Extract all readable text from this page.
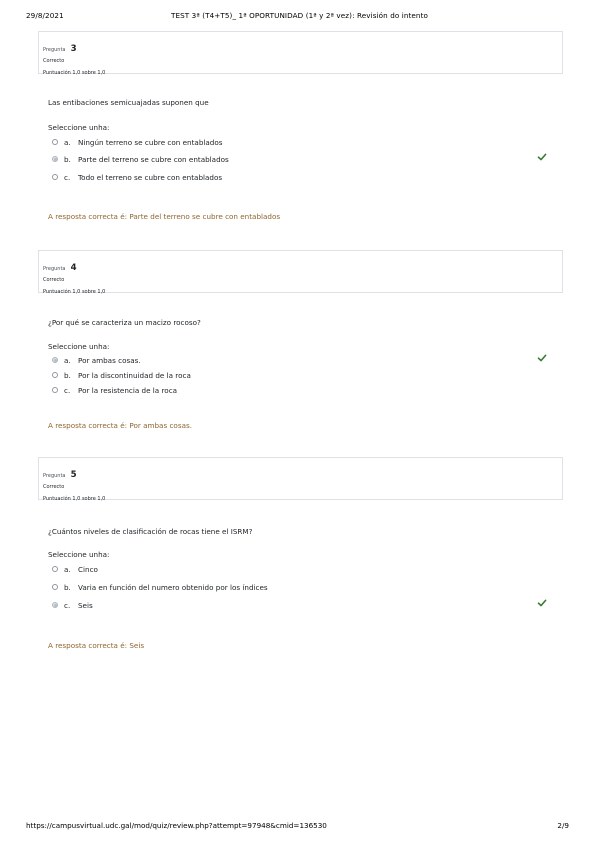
29/8/2021	TEST 3ª (T4+T5)_ 1ª OPORTUNIDAD (1ª y 2ª vez): Revisión do intento
Pregunta 3
Correcto
Puntuación 1,0 sobre 1,0
Las entibaciones semicuajadas suponen que
Seleccione unha:
a.	Ningún terreno se cubre con entablados
b. Parte del terreno se cubre con entablados
c.	Todo el terreno se cubre con entablados
A resposta correcta é: Parte del terreno se cubre con entablados
Pregunta 4
Correcto
Puntuación 1,0 sobre 1,0
¿Por qué se caracteriza un macizo rocoso?
Seleccione unha:
a.	Por ambas cosas.
b. Por la discontinuidad de la roca
c.	Por la resistencia de la roca
A resposta correcta é: Por ambas cosas.
Pregunta 5
Correcto
Puntuación 1,0 sobre 1,0
¿Cuántos niveles de clasificación de rocas tiene el ISRM?
Seleccione unha:
a.	Cinco
b. Varia en función del numero obtenido por los índices
c.	Seis
A resposta correcta é: Seis
https://campusvirtual.udc.gal/mod/quiz/review.php?attempt=97948&cmid=136530	2/9
